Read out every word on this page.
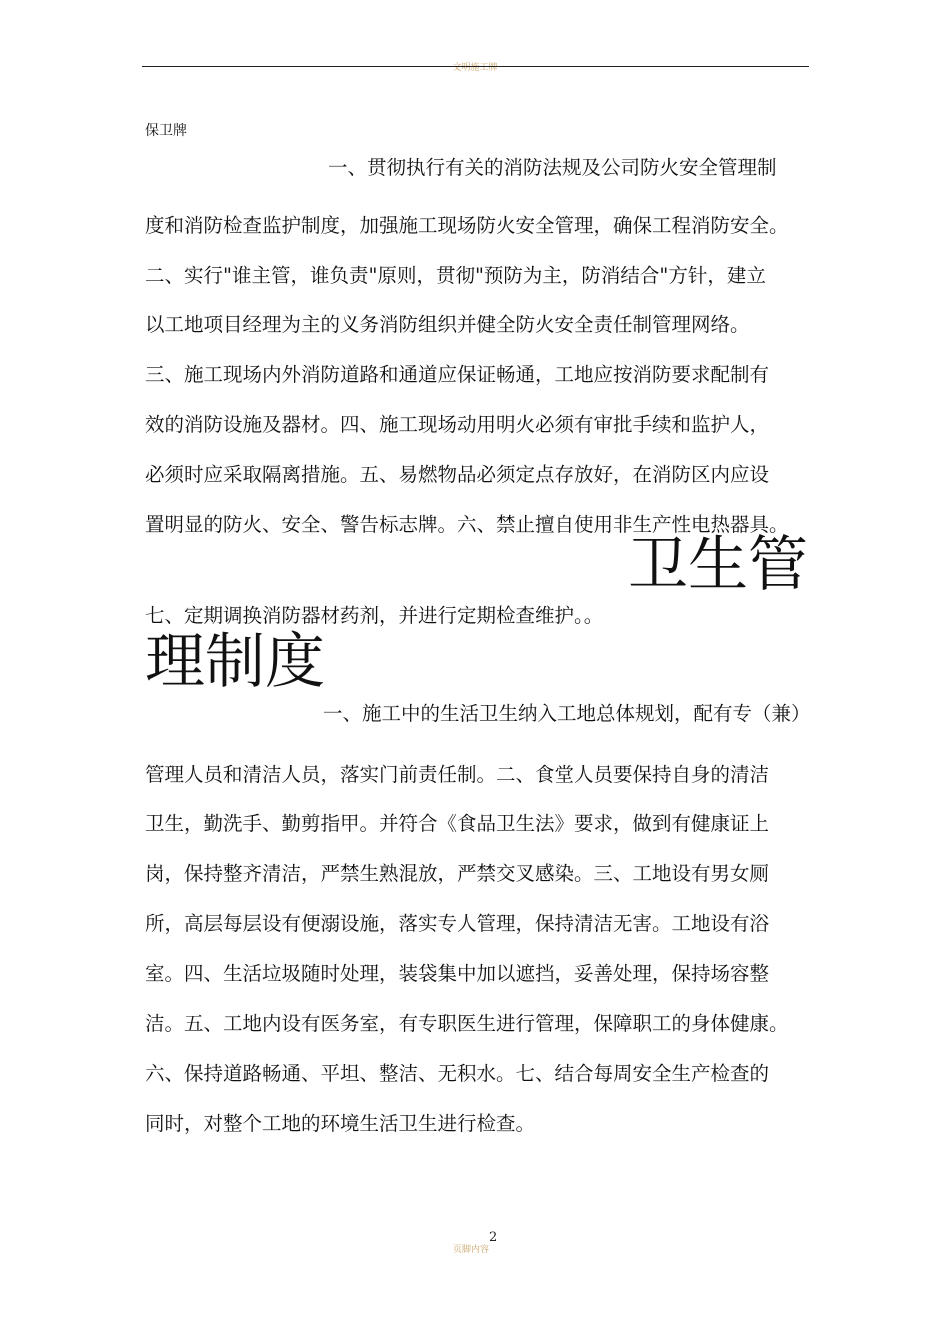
文明施工牌
保卫牌
一、贯彻执行有关的消防法规及公司防火安全管理制
度和消防检查监护制度，加强施工现场防火安全管理，确保工程消防安全。
二、实行"谁主管，谁负责"原则，贯彻"预防为主，防消结合"方针，建立
以工地项目经理为主的义务消防组织并健全防火安全责任制管理网络。
三、施工现场内外消防道路和通道应保证畅通，工地应按消防要求配制有
效的消防设施及器材。四、施工现场动用明火必须有审批手续和监护人，
必须时应采取隔离措施。五、易燃物品必须定点存放好，在消防区内应设
置明显的防火、安全、警告标志牌。六、禁止擅自使用非生产性电热器具。
七、定期调换消防器材药剂，并进行定期检查维护。。
卫生管
理制度
一、施工中的生活卫生纳入工地总体规划，配有专（兼）
管理人员和清洁人员，落实门前责任制。二、食堂人员要保持自身的清洁
卫生，勤洗手、勤剪指甲。并符合《食品卫生法》要求，做到有健康证上
岗，保持整齐清洁，严禁生熟混放，严禁交叉感染。三、工地设有男女厕
所，高层每层设有便溺设施，落实专人管理，保持清洁无害。工地设有浴
室。四、生活垃圾随时处理，装袋集中加以遮挡，妥善处理，保持场容整
洁。五、工地内设有医务室，有专职医生进行管理，保障职工的身体健康。
六、保持道路畅通、平坦、整洁、无积水。七、结合每周安全生产检查的
同时，对整个工地的环境生活卫生进行检查。
页脚内容
2
